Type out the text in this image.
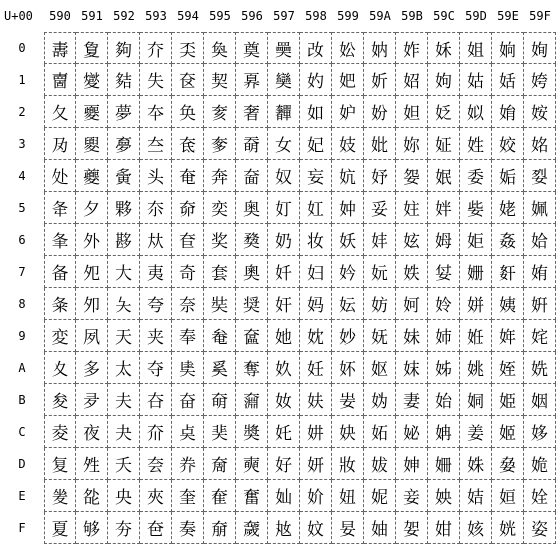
U+00	590 591 592 593 594 595 596 597 598 599 59A 59B 59C 59D 59E 59F
0	夀 夐 夠 夰 奀 奐 奠 奰 妀 妐 妠 妰 姀 姐 姠 姰
1	夁 夑 夡 失 奁 契 奡 奱 妁 妑 妡 妱 姁 姑 姡 姱
2	夂 夒 夢 夲 奂 奒 奢 奲 如 妒 妢 妲 姂 姒 姢 姲
3	夃 夓 夣 夳 奃 奓 奣 女 妃 妓 妣 妳 姃 姓 姣 姳
4	处 夔 夤 头 奄 奔 奤 奴 妄 妔 妤 妴 姄 委 姤 姴
5	夅 夕 夥 夵 奅 奕 奥 奵 妅 妕 妥 妵 姅 姕 姥 姵
6	夆 外 夦 夶 奆 奖 奦 奶 妆 妖 妦 妶 姆 姖 姦 姶
7	备 夗 大 夷 奇 套 奧 奷 妇 妗 妧 妷 姇 姗 姧 姷
8	夈 夘 夨 夸 奈 奘 奨 奸 妈 妘 妨 妸 姈 姘 姨 姸
9	変 夙 天 夹 奉 奙 奩 她 妉 妙 妩 妹 姉 姙 姩 姹
A	夊 多 太 夺 奊 奚 奪 奺 妊 妚 妪 妺 姊 姚 姪 姺
B	夋 夛 夫 夻 奋 奛 奫 奻 妋 妛 妫 妻 始 姛 姫 姻
C	夌 夜 夬 夼 奌 奜 奬 奼 妌 妜 妬 妼 姌 姜 姬 姼
D	复 夝 夭 夽 奍 奝 奭 好 妍 妝 妭 妽 姍 姝 姭 姽
E	夎 夞 央 夾 奎 奞 奮 奾 妎 妞 妮 妾 姎 姞 姮 姾
F	夏 够 夯 夿 奏 奟 奯 奿 妏 妟 妯 妿 姏 姟 姯 姿
